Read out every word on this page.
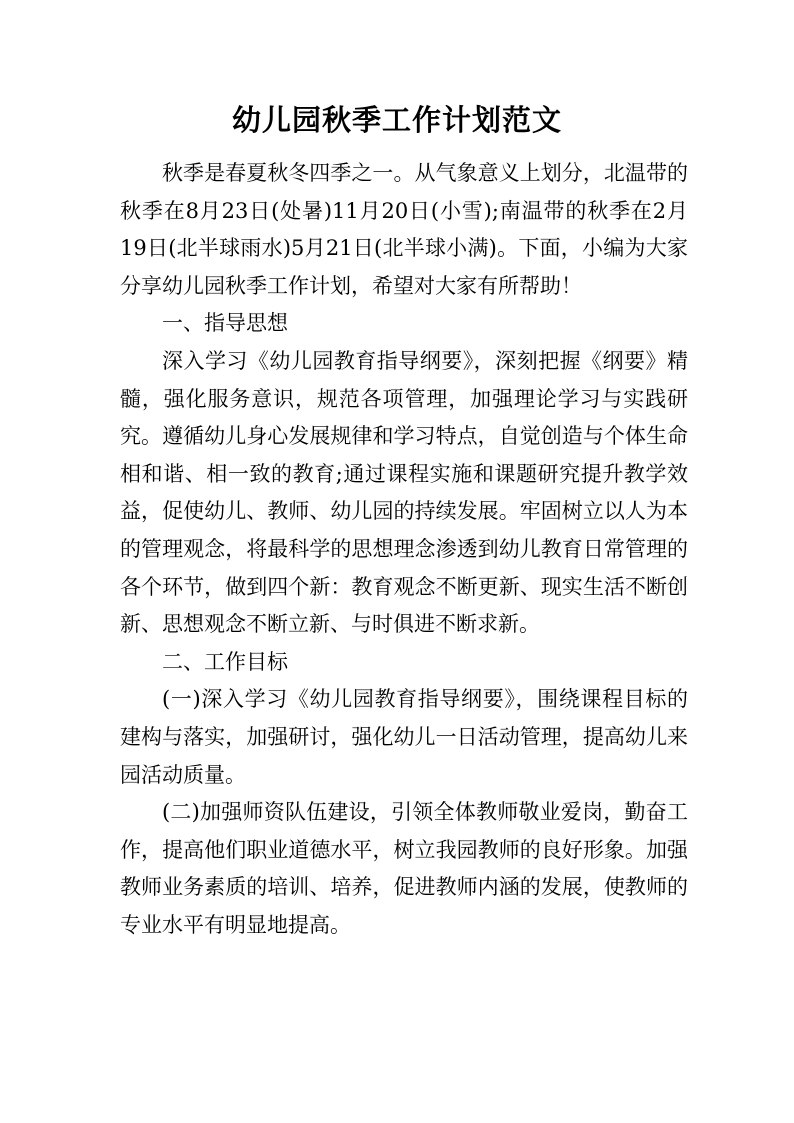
幼儿园秋季工作计划范文

秋季是春夏秋冬四季之一。从气象意义上划分，北温带的秋季在8月23日(处暑)11月20日(小雪);南温带的秋季在2月19日(北半球雨水)5月21日(北半球小满)。下面，小编为大家分享幼儿园秋季工作计划，希望对大家有所帮助！

一、指导思想

深入学习《幼儿园教育指导纲要》，深刻把握《纲要》精髓，强化服务意识，规范各项管理，加强理论学习与实践研究。遵循幼儿身心发展规律和学习特点，自觉创造与个体生命相和谐、相一致的教育;通过课程实施和课题研究提升教学效益，促使幼儿、教师、幼儿园的持续发展。牢固树立以人为本的管理观念，将最科学的思想理念渗透到幼儿教育日常管理的各个环节，做到四个新：教育观念不断更新、现实生活不断创新、思想观念不断立新、与时俱进不断求新。

二、工作目标

(一)深入学习《幼儿园教育指导纲要》，围绕课程目标的建构与落实，加强研讨，强化幼儿一日活动管理，提高幼儿来园活动质量。

(二)加强师资队伍建设，引领全体教师敬业爱岗，勤奋工作，提高他们职业道德水平，树立我园教师的良好形象。加强教师业务素质的培训、培养，促进教师内涵的发展，使教师的专业水平有明显地提高。
